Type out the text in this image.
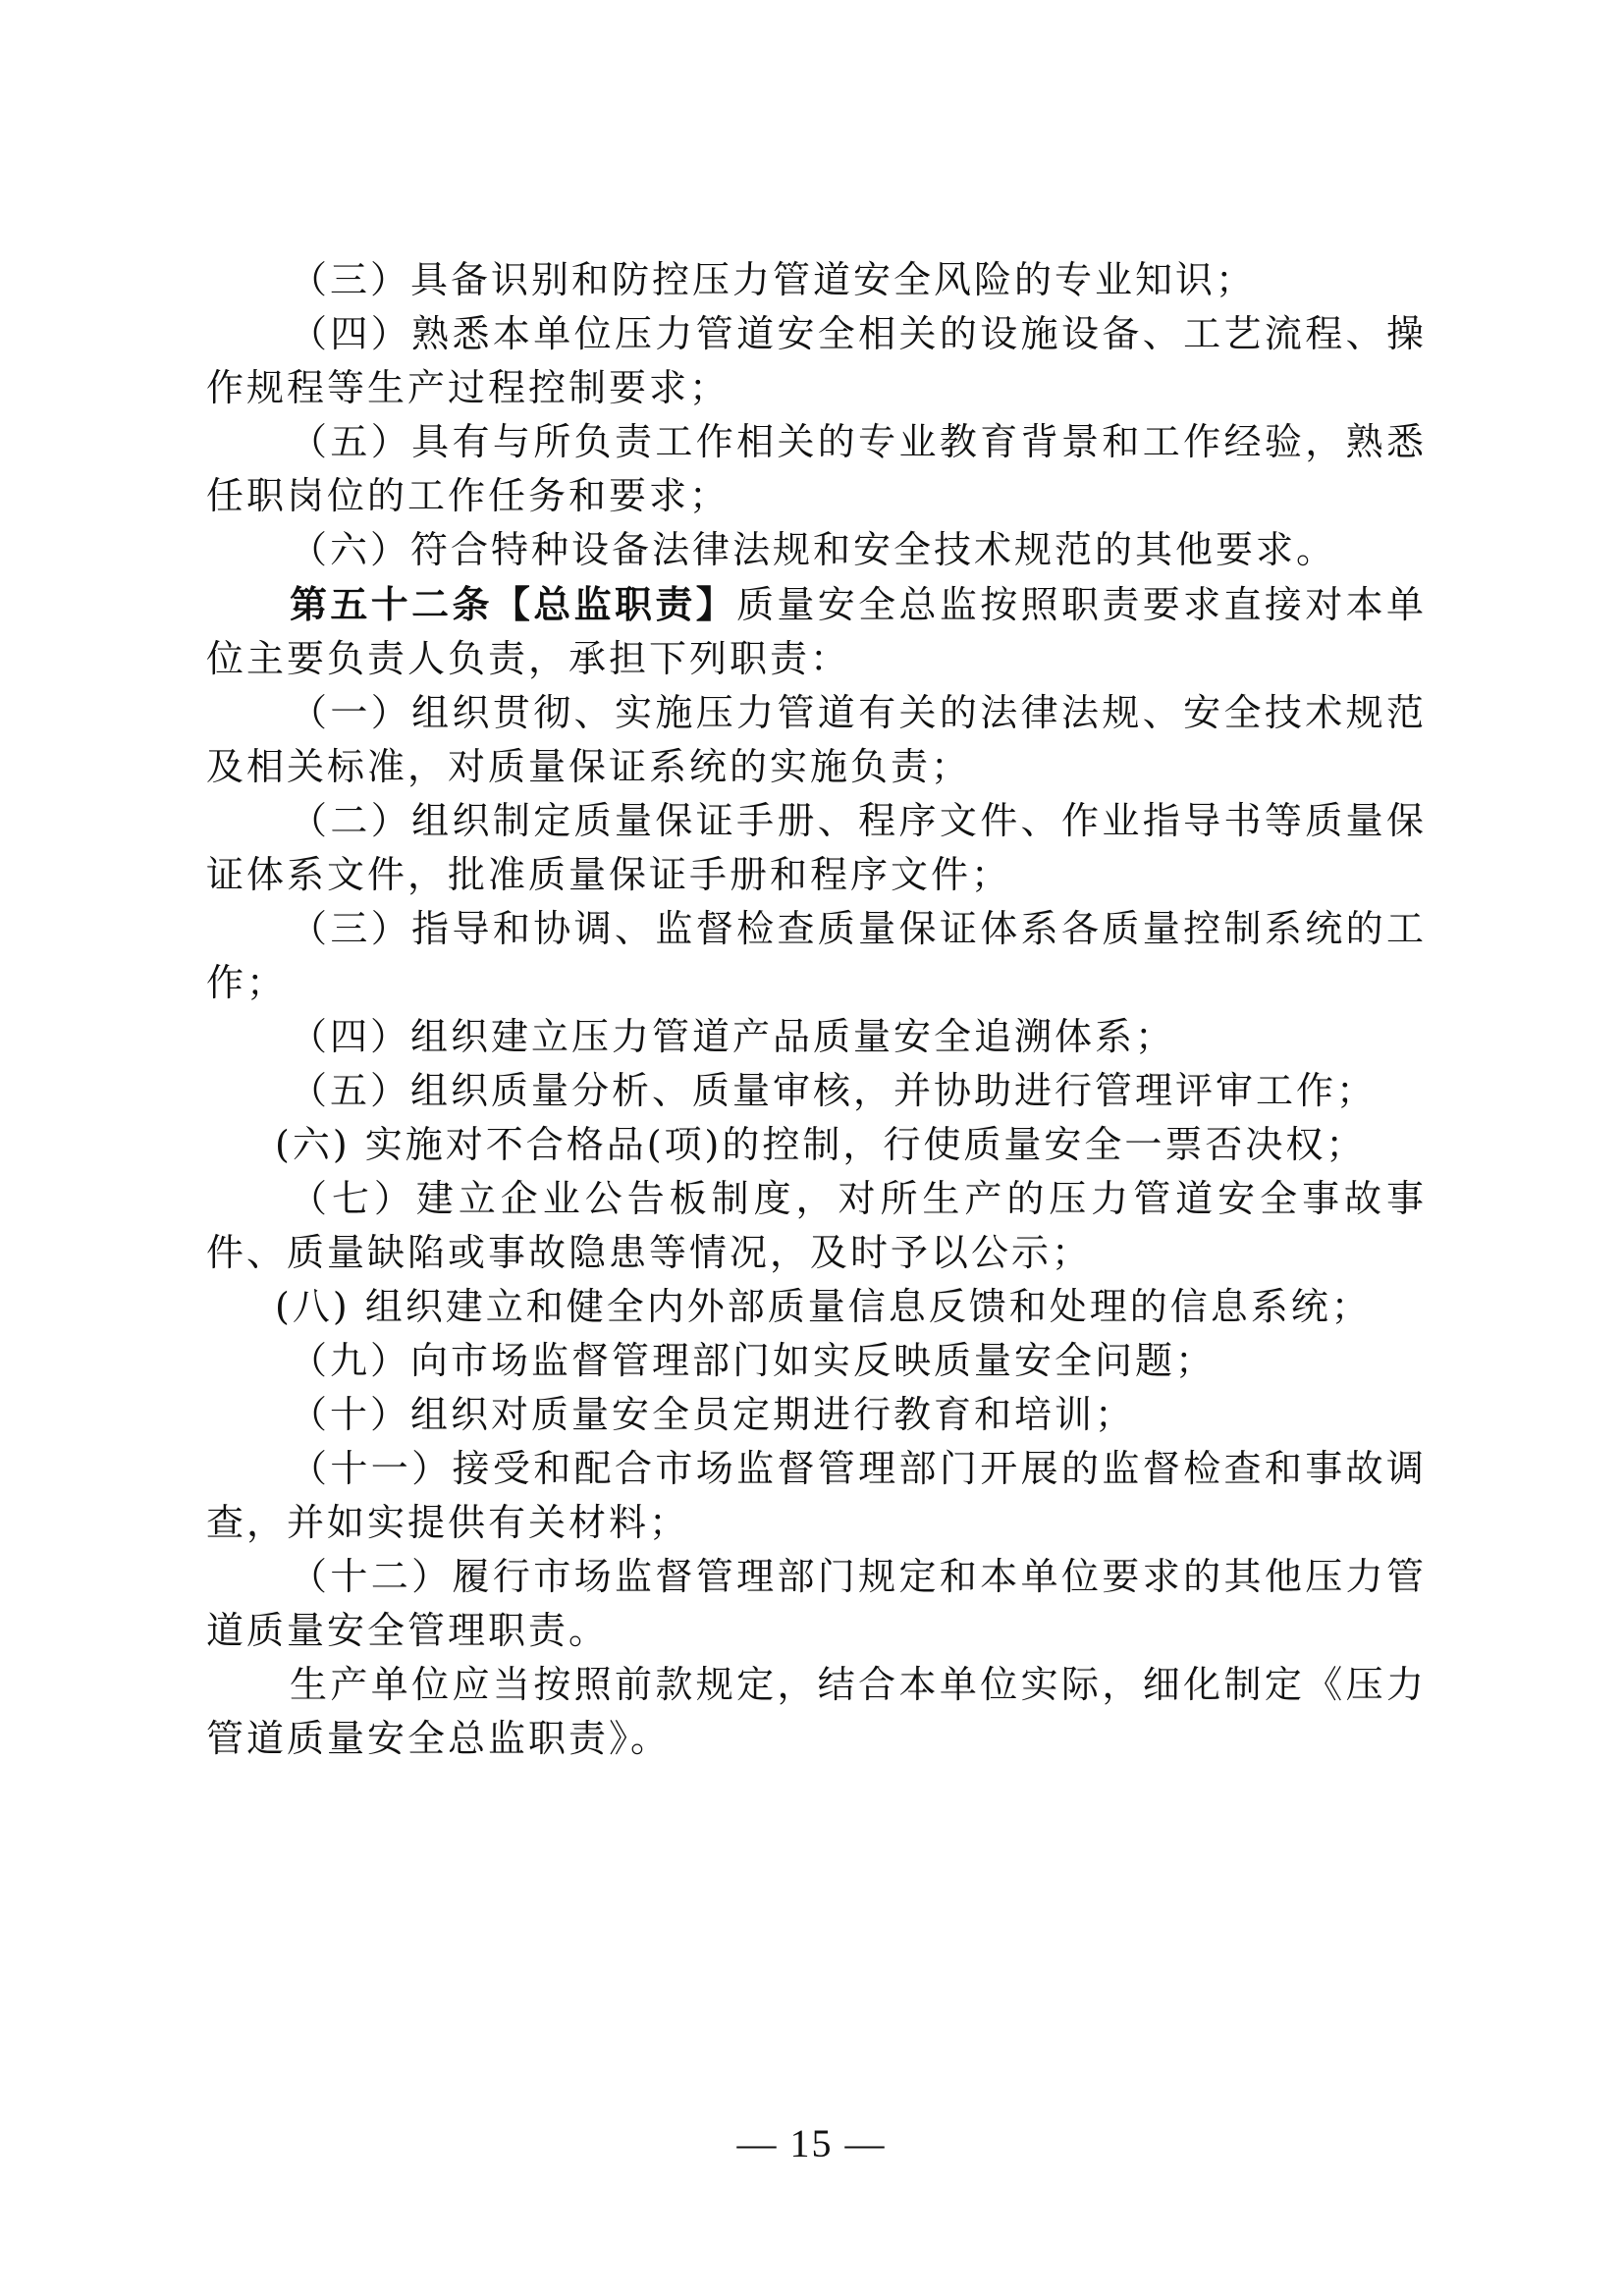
（三）具备识别和防控压力管道安全风险的专业知识；

（四）熟悉本单位压力管道安全相关的设施设备、工艺流程、操作规程等生产过程控制要求；

（五）具有与所负责工作相关的专业教育背景和工作经验，熟悉任职岗位的工作任务和要求；

（六）符合特种设备法律法规和安全技术规范的其他要求。

第五十二条【总监职责】质量安全总监按照职责要求直接对本单位主要负责人负责，承担下列职责：

（一）组织贯彻、实施压力管道有关的法律法规、安全技术规范及相关标准，对质量保证系统的实施负责；

（二）组织制定质量保证手册、程序文件、作业指导书等质量保证体系文件，批准质量保证手册和程序文件；

（三）指导和协调、监督检查质量保证体系各质量控制系统的工作；

（四）组织建立压力管道产品质量安全追溯体系；

（五）组织质量分析、质量审核，并协助进行管理评审工作；

(六) 实施对不合格品(项)的控制，行使质量安全一票否决权；

（七）建立企业公告板制度，对所生产的压力管道安全事故事件、质量缺陷或事故隐患等情况，及时予以公示；

(八) 组织建立和健全内外部质量信息反馈和处理的信息系统；

（九）向市场监督管理部门如实反映质量安全问题；

（十）组织对质量安全员定期进行教育和培训；

（十一）接受和配合市场监督管理部门开展的监督检查和事故调查，并如实提供有关材料；

（十二）履行市场监督管理部门规定和本单位要求的其他压力管道质量安全管理职责。

生产单位应当按照前款规定，结合本单位实际，细化制定《压力管道质量安全总监职责》。

— 15 —
